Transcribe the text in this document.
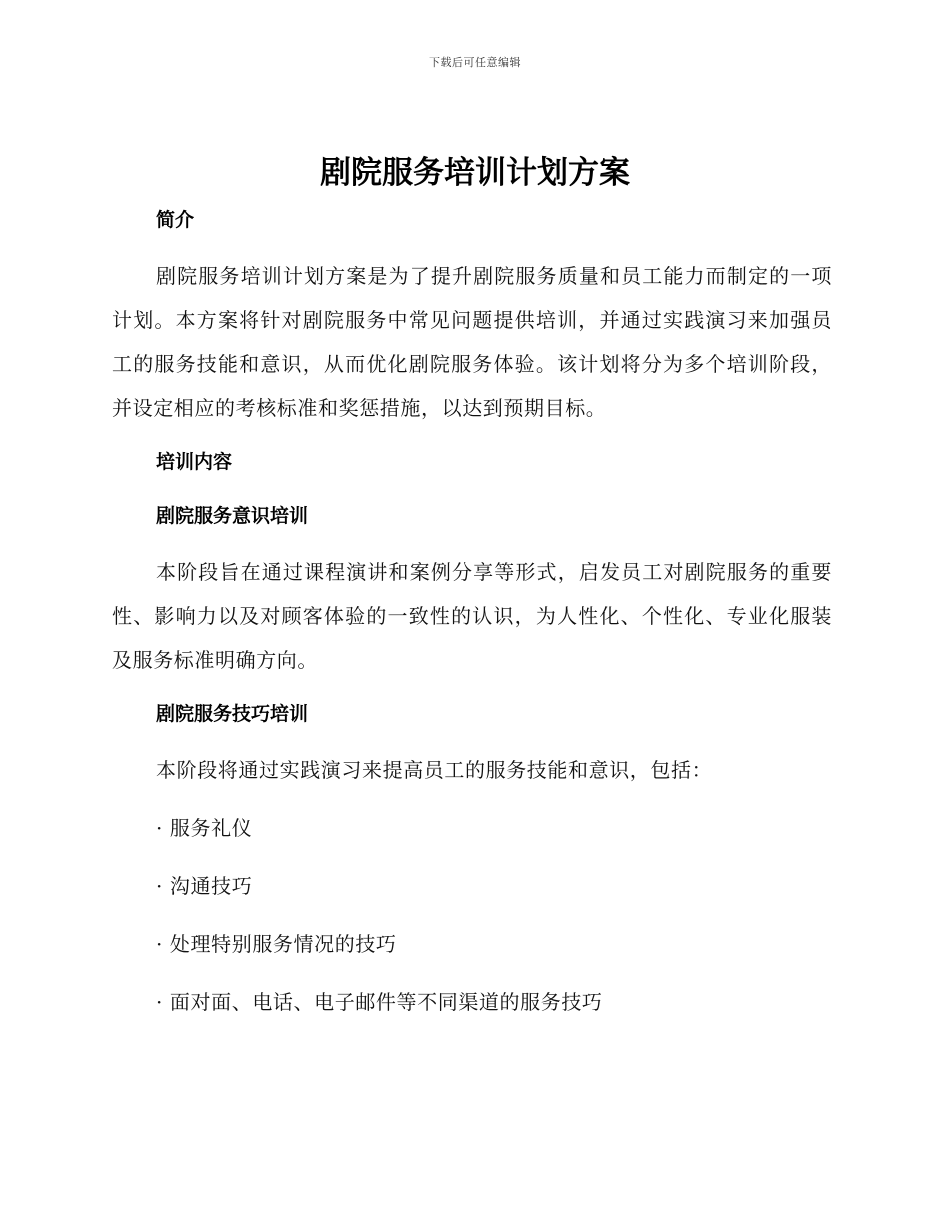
下载后可任意编辑
剧院服务培训计划方案
简介

剧院服务培训计划方案是为了提升剧院服务质量和员工能力而制定的一项计划。本方案将针对剧院服务中常见问题提供培训，并通过实践演习来加强员工的服务技能和意识，从而优化剧院服务体验。该计划将分为多个培训阶段，并设定相应的考核标准和奖惩措施，以达到预期目标。

培训内容
剧院服务意识培训

本阶段旨在通过课程演讲和案例分享等形式，启发员工对剧院服务的重要性、影响力以及对顾客体验的一致性的认识，为人性化、个性化、专业化服装及服务标准明确方向。

剧院服务技巧培训

本阶段将通过实践演习来提高员工的服务技能和意识，包括：

· 服务礼仪
· 沟通技巧
· 处理特别服务情况的技巧
· 面对面、电话、电子邮件等不同渠道的服务技巧
